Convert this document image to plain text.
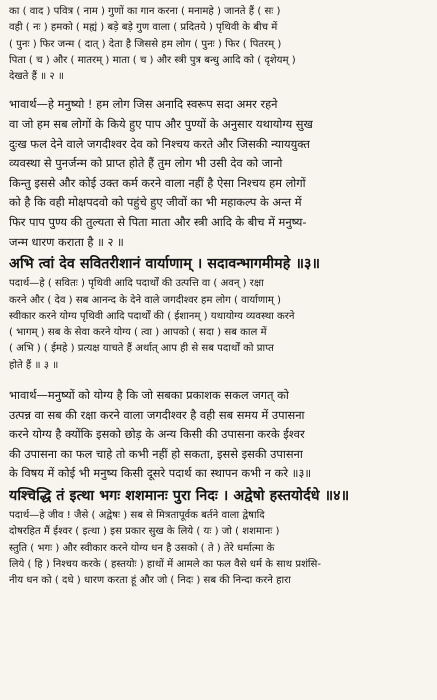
का ( वाद ) पवित्र ( नाम ) गुणों का गान करना ( मनामहे ) जानते हैं ( सः )
वही ( नः ) हमको ( मह्यं ) बड़े बड़े गुण वाला ( प्रदितये ) पृथिवी के बीच में
( पुनः ) फिर जन्म ( दात् ) देता है जिससे हम लोग ( पुनः ) फिर ( पितरम् )
पिता ( च ) और ( मातरम् ) माता ( च ) और स्त्री पुत्र बन्धु आदि को ( दृशेयम् )
देखते हैं ॥ २ ॥
भावार्थ—हे मनुष्यो ! हम लोग जिस अनादि स्वरूप सदा अमर रहने
वा जो हम सब लोगों के किये हुए पाप और पुण्यों के अनुसार यथायोग्य सुख
दुःख फल देने वाले जगदीश्वर देव को निश्चय करते और जिसकी न्याययुक्त
व्यवस्था से पुनर्जन्म को प्राप्त होते हैं तुम लोग भी उसी देव को जानो
किन्तु इससे और कोई उक्त कर्म करने वाला नहीं है ऐसा निश्चय हम लोगों
को है कि वही मोक्षपदवो को पहुंचे हुए जीवों का भी महाकल्प के अन्त में
फिर पाप पुण्य की तुल्यता से पिता माता और स्त्री आदि के बीच में मनुष्य-
जन्म धारण कराता है ॥ २ ॥
अभि त्वां देव सवितरीशानं वार्याणाम् । सदावन्भागमीमहे ॥३॥
पदार्थ—हे ( सवितः ) पृथिवी आदि पदार्थों की उत्पत्ति वा ( अवन् ) रक्षा
करने और ( देव ) सब आनन्द के देने वाले जगदीश्वर हम लोग ( वार्याणाम् )
स्वीकार करने योग्य पृथिवी आदि पदार्थों की ( ईशानम् ) यथायोग्य व्यवस्था करने
( भागम् ) सब के सेवा करने योग्य ( त्वा ) आपको ( सदा ) सब काल में
( अभि ) ( ईमहे ) प्रत्यक्ष याचते हैं अर्थात् आप ही से सब पदार्थों को प्राप्त
होते हैं ॥ ३ ॥
भावार्थ—मनुष्यों को योग्य है कि जो सबका प्रकाशक सकल जगत् को
उत्पन्न वा सब की रक्षा करने वाला जगदीश्वर है वही सब समय में उपासना
करने योग्य है क्योंकि इसको छोड़ के अन्य किसी की उपासना करके ईश्वर
की उपासना का फल चाहे तो कभी नहीं हो सकता, इससे इसकी उपासना
के विषय में कोई भी मनुष्य किसी दूसरे पदार्थ का स्थापन कभी न करे ॥३॥
यश्चिद्धि तं इत्था भगः शशमानः पुरा निदः । अद्वेषो हस्तयोर्दधे ॥४॥
पदार्थ—हे जीव ! जैसे ( अद्वेषः ) सब से मित्रतापूर्वक बर्तने वाला द्वेषादि
दोषरहित मैं ईश्वर ( इत्था ) इस प्रकार सुख के लिये ( यः ) जो ( शशमानः )
स्तुति ( भगः ) और स्वीकार करने योग्य धन है उसको ( ते ) तेरे धर्मात्मा के
लिये ( हि ) निश्चय करके ( हस्तयोः ) हाथों में आमले का फल वैसे धर्म के साथ प्रशंसि-
नीय धन को ( दधे ) धारण करता हूं और जो ( निदः ) सब की निन्दा करने हारा
